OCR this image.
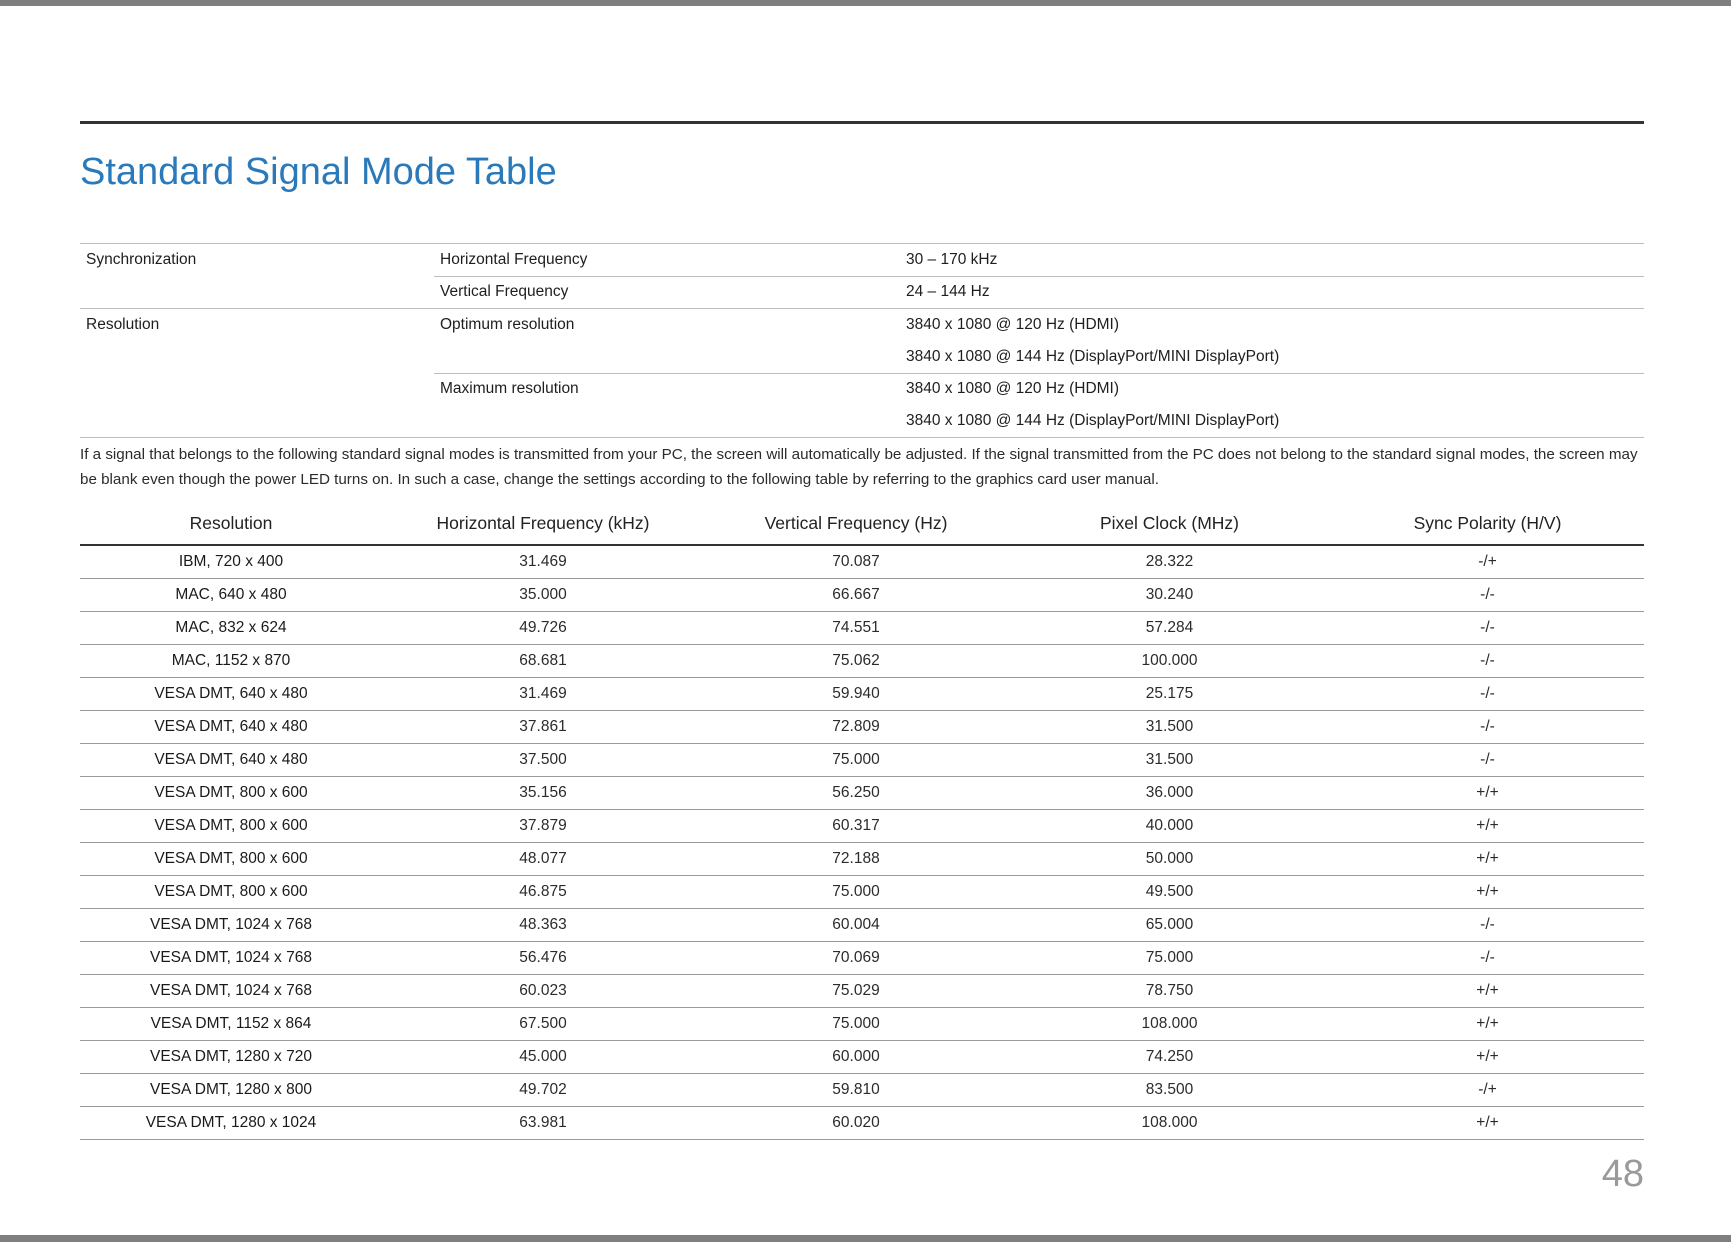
Standard Signal Mode Table
Synchronization	Horizontal Frequency	30 – 170 kHz
Vertical Frequency	24 – 144 Hz
Resolution	Optimum resolution	3840 x 1080 @ 120 Hz (HDMI)
3840 x 1080 @ 144 Hz (DisplayPort/MINI DisplayPort)
Maximum resolution	3840 x 1080 @ 120 Hz (HDMI)
3840 x 1080 @ 144 Hz (DisplayPort/MINI DisplayPort)

If a signal that belongs to the following standard signal modes is transmitted from your PC, the screen will automatically be adjusted. If the signal transmitted from the PC does not belong to the standard signal modes, the screen may be blank even though the power LED turns on. In such a case, change the settings according to the following table by referring to the graphics card user manual.

Resolution	Horizontal Frequency (kHz)	Vertical Frequency (Hz)	Pixel Clock (MHz)	Sync Polarity (H/V)
IBM, 720 x 400	31.469	70.087	28.322	-/+
MAC, 640 x 480	35.000	66.667	30.240	-/-
MAC, 832 x 624	49.726	74.551	57.284	-/-
MAC, 1152 x 870	68.681	75.062	100.000	-/-
VESA DMT, 640 x 480	31.469	59.940	25.175	-/-
VESA DMT, 640 x 480	37.861	72.809	31.500	-/-
VESA DMT, 640 x 480	37.500	75.000	31.500	-/-
VESA DMT, 800 x 600	35.156	56.250	36.000	+/+
VESA DMT, 800 x 600	37.879	60.317	40.000	+/+
VESA DMT, 800 x 600	48.077	72.188	50.000	+/+
VESA DMT, 800 x 600	46.875	75.000	49.500	+/+
VESA DMT, 1024 x 768	48.363	60.004	65.000	-/-
VESA DMT, 1024 x 768	56.476	70.069	75.000	-/-
VESA DMT, 1024 x 768	60.023	75.029	78.750	+/+
VESA DMT, 1152 x 864	67.500	75.000	108.000	+/+
VESA DMT, 1280 x 720	45.000	60.000	74.250	+/+
VESA DMT, 1280 x 800	49.702	59.810	83.500	-/+
VESA DMT, 1280 x 1024	63.981	60.020	108.000	+/+
48
